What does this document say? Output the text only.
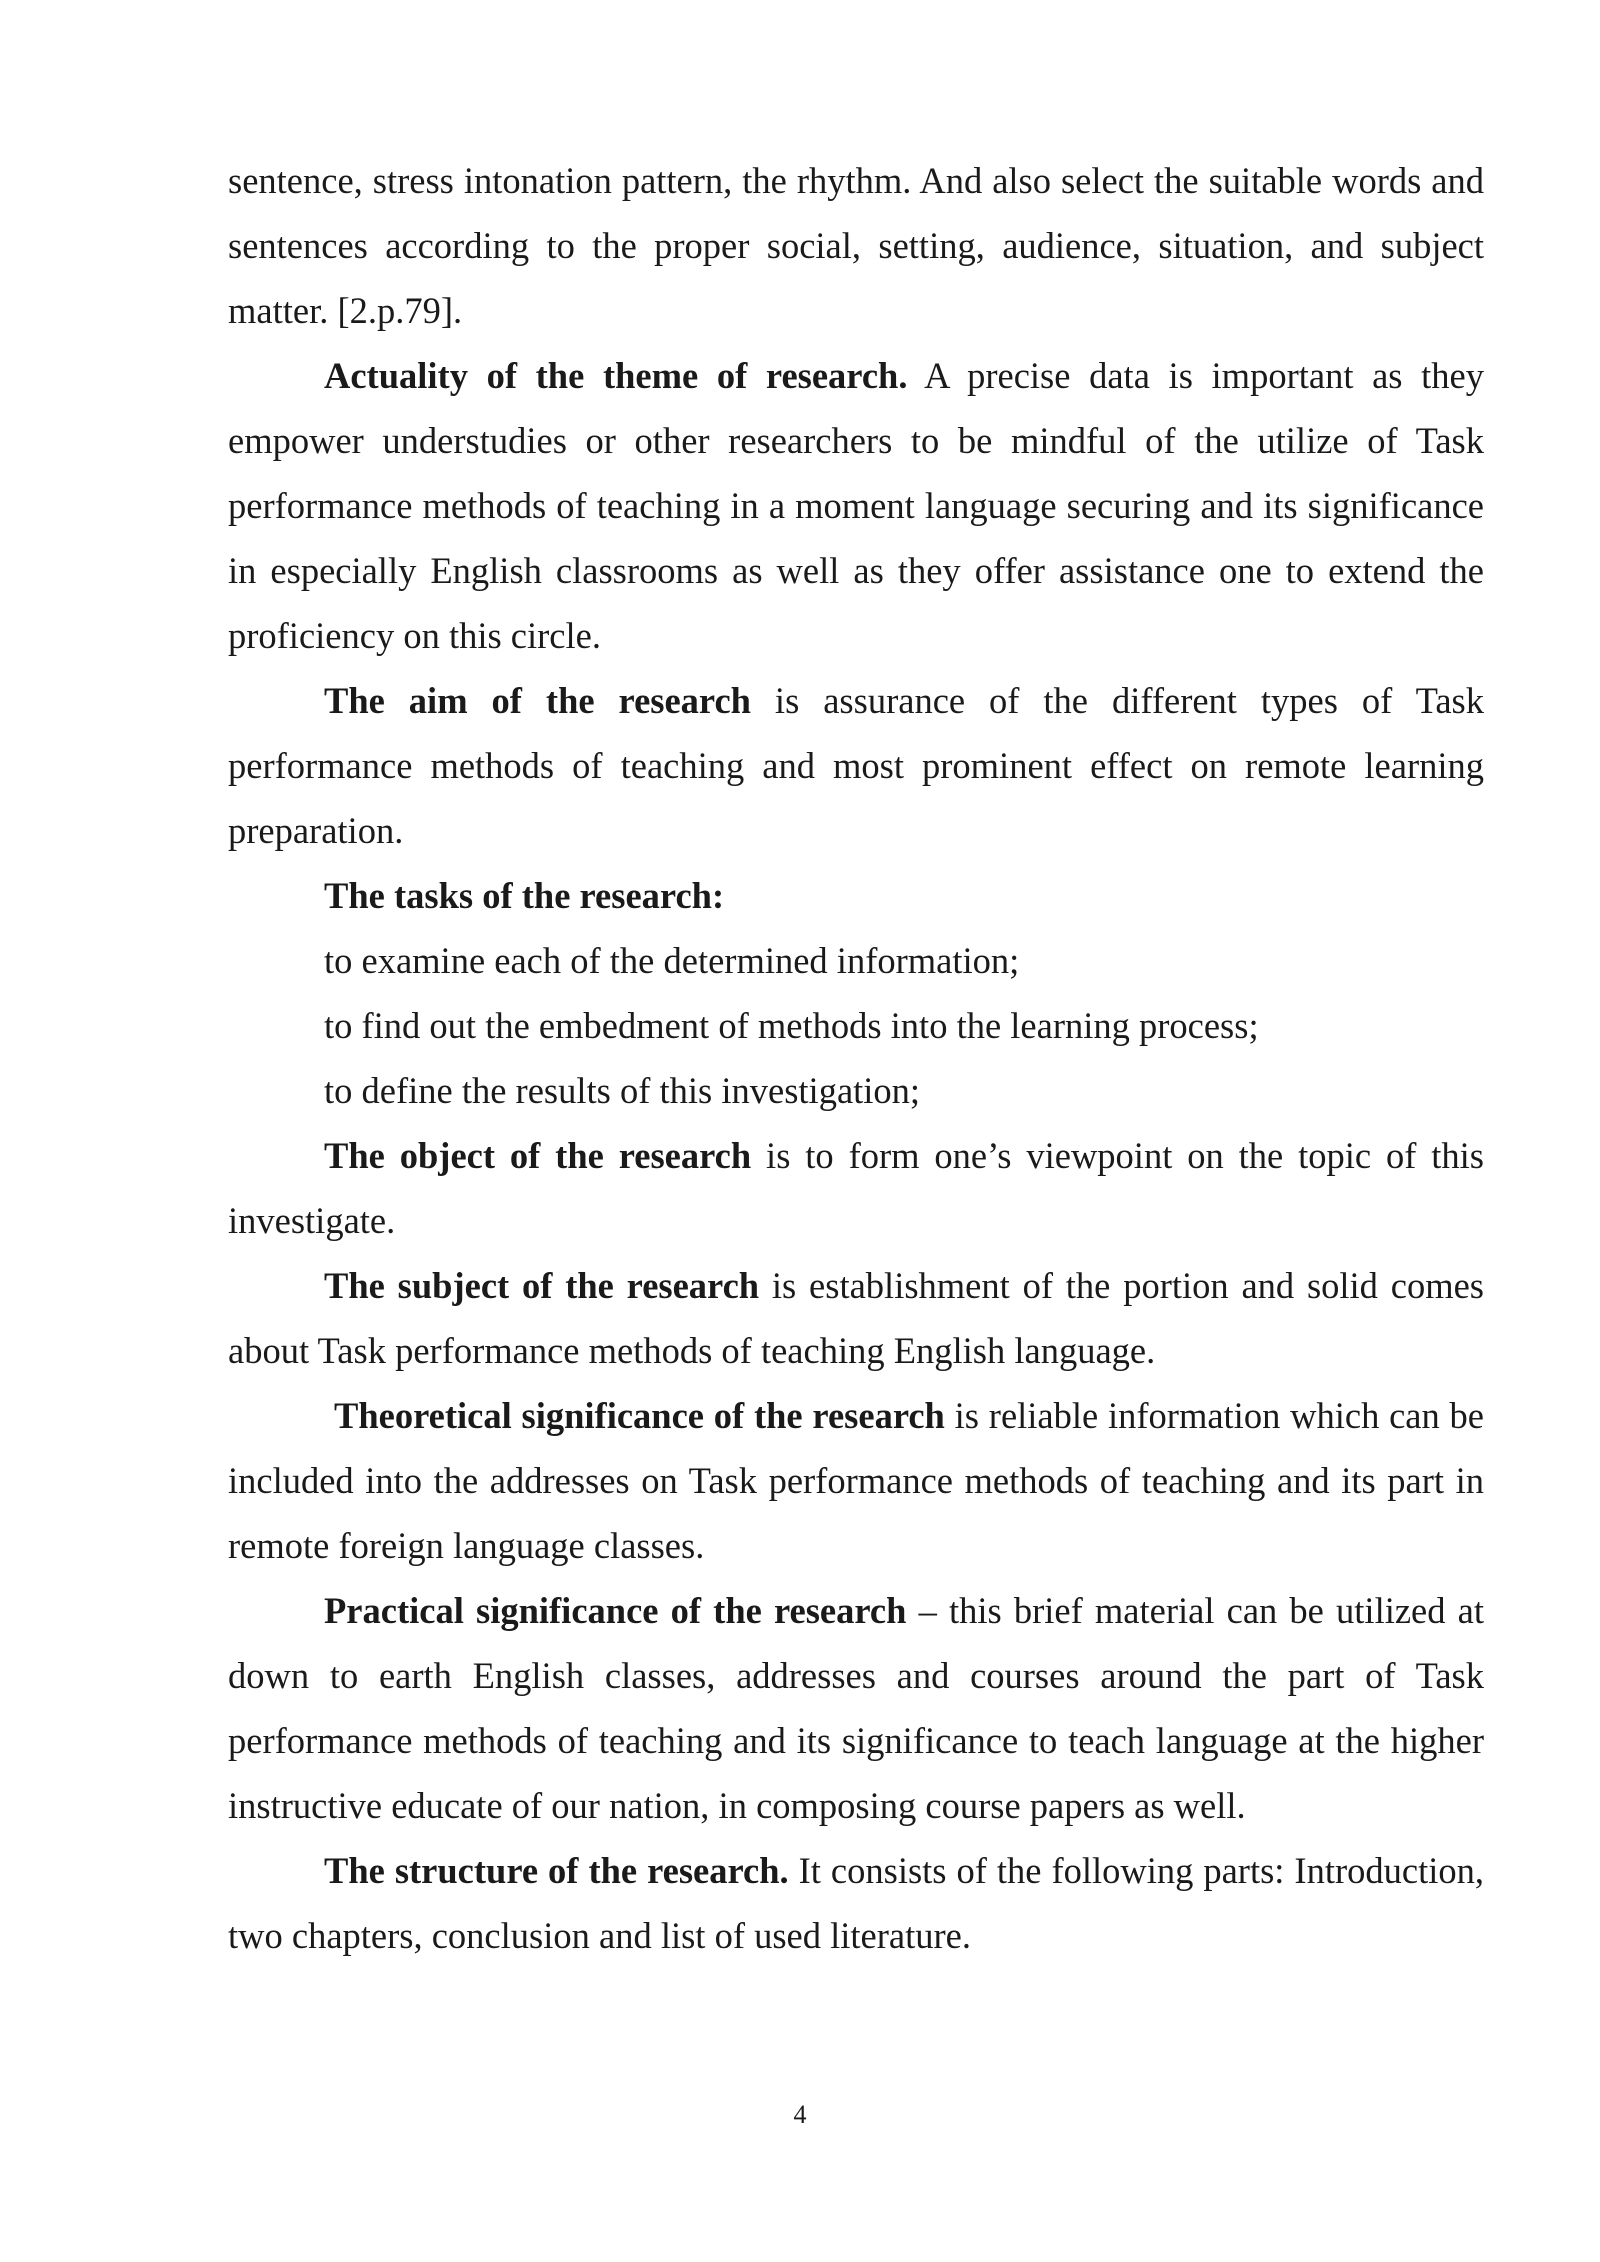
sentence, stress intonation pattern, the rhythm. And also select the suitable words and sentences according to the proper social, setting, audience, situation, and subject matter. [2.p.79].

Actuality of the theme of research. A precise data is important as they empower understudies or other researchers to be mindful of the utilize of Task performance methods of teaching in a moment language securing and its significance in especially English classrooms as well as they offer assistance one to extend the proficiency on this circle.

The aim of the research is assurance of the different types of Task performance methods of teaching and most prominent effect on remote learning preparation.

The tasks of the research:

to examine each of the determined information;

to find out the embedment of methods into the learning process;

to define the results of this investigation;

The object of the research is to form one’s viewpoint on the topic of this investigate.

The subject of the research is establishment of the portion and solid comes about Task performance methods of teaching English language.

Theoretical significance of the research is reliable information which can be included into the addresses on Task performance methods of teaching and its part in remote foreign language classes.

Practical significance of the research – this brief material can be utilized at down to earth English classes, addresses and courses around the part of Task performance methods of teaching and its significance to teach language at the higher instructive educate of our nation, in composing course papers as well.

The structure of the research. It consists of the following parts: Introduction, two chapters, conclusion and list of used literature.

4
